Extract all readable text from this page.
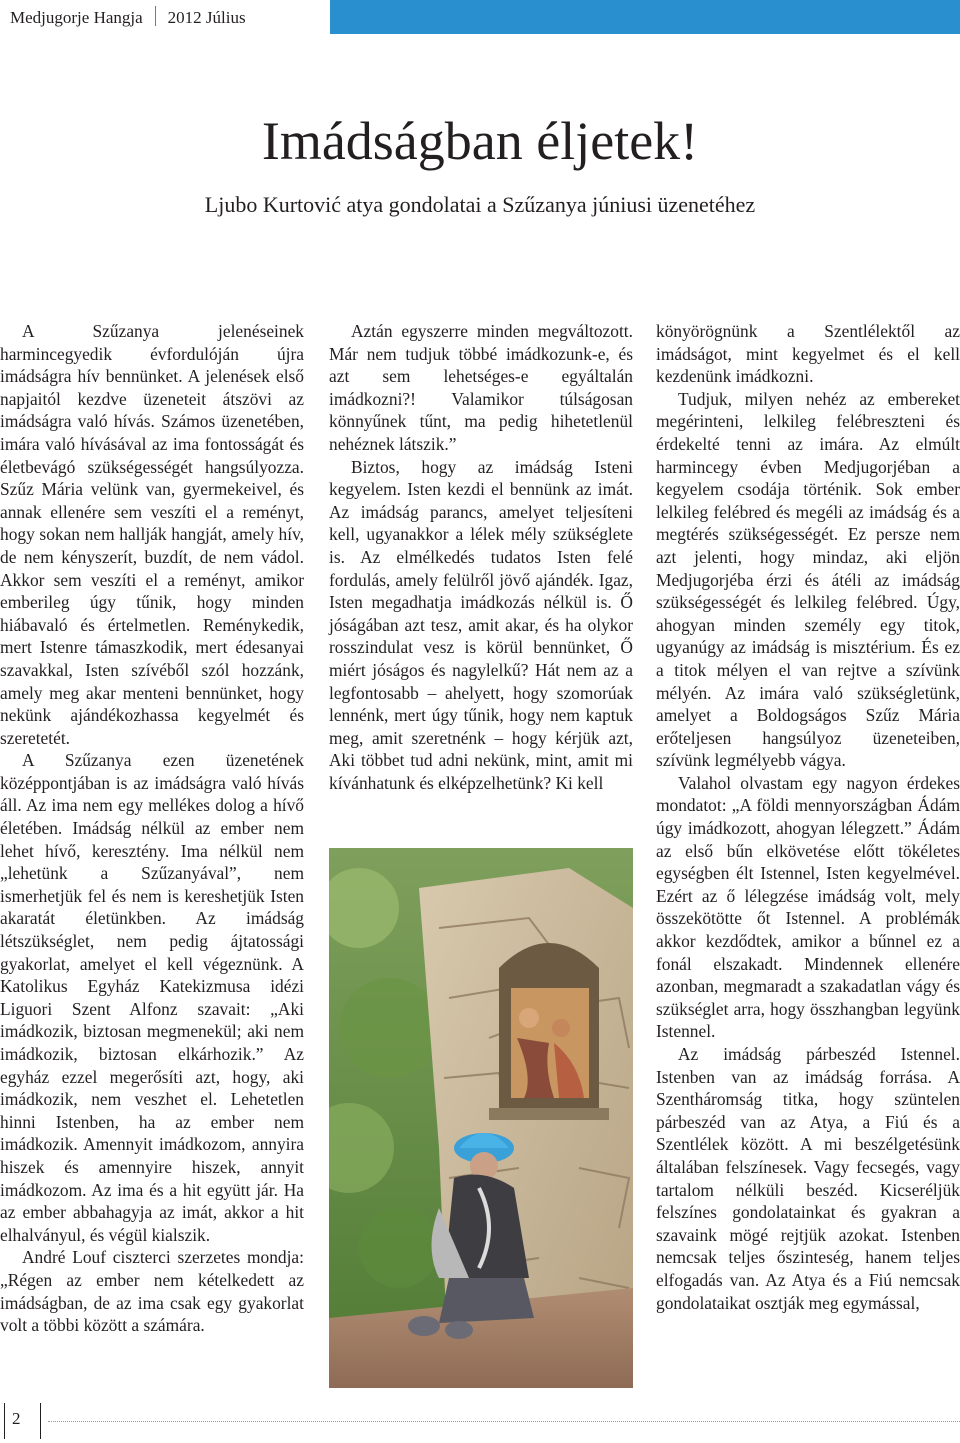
Medjugorje Hangja 2012 Július
Imádságban éljetek!
Ljubo Kurtović atya gondolatai a Szűzanya júniusi üzenetéhez

A Szűzanya jelenéseinek harmincegyedik évfordulóján újra imádságra hív bennünket. A jelenések első napjaitól kezdve üzeneteit átszövi az imádságra való hívás. Számos üzenetében, imára való hívásával az ima fontosságát és életbevágó szükségességét hangsúlyozza. Szűz Mária velünk van, gyermekeivel, és annak ellenére sem veszíti el a reményt, hogy sokan nem hallják hangját, amely hív, de nem kényszerít, buzdít, de nem vádol. Akkor sem veszíti el a reményt, amikor emberileg úgy tűnik, hogy minden hiábavaló és értelmetlen. Reménykedik, mert Istenre támaszkodik, mert édesanyai szavakkal, Isten szívéből szól hozzánk, amely meg akar menteni bennünket, hogy nekünk ajándékozhassa kegyelmét és szeretetét.

A Szűzanya ezen üzenetének középpontjában is az imádságra való hívás áll. Az ima nem egy mellékes dolog a hívő életében. Imádság nélkül az ember nem lehet hívő, keresztény. Ima nélkül nem „lehetünk a Szűzanyával”, nem ismerhetjük fel és nem is kereshetjük Isten akaratát életünkben. Az imádság létszükséglet, nem pedig ájtatossági gyakorlat, amelyet el kell végeznünk. A Katolikus Egyház Katekizmusa idézi Liguori Szent Alfonz szavait: „Aki imádkozik, biztosan megmenekül; aki nem imádkozik, biztosan elkárhozik.” Az egyház ezzel megerősíti azt, hogy, aki imádkozik, nem veszhet el. Lehetetlen hinni Istenben, ha az ember nem imádkozik. Amennyit imádkozom, annyira hiszek és amennyire hiszek, annyit imádkozom. Az ima és a hit együtt jár. Ha az ember abbahagyja az imát, akkor a hit elhalványul, és végül kialszik.

André Louf ciszterci szerzetes mondja: „Régen az ember nem kételkedett az imádságban, de az ima csak egy gyakorlat volt a többi között a számára.

Aztán egyszerre minden megváltozott. Már nem tudjuk többé imádkozunk-e, és azt sem lehetséges-e egyáltalán imádkozni?! Valamikor túlságosan könnyűnek tűnt, ma pedig hihetetlenül nehéznek látszik.”

Biztos, hogy az imádság Isteni kegyelem. Isten kezdi el bennünk az imát. Az imádság parancs, amelyet teljesíteni kell, ugyanakkor a lélek mély szükséglete is. Az elmélkedés tudatos Isten felé fordulás, amely felülről jövő ajándék. Igaz, Isten megadhatja imádkozás nélkül is. Ő jóságában azt tesz, amit akar, és ha olykor rosszindulat vesz is körül bennünket, Ő miért jóságos és nagylelkű? Hát nem az a legfontosabb – ahelyett, hogy szomorúak lennénk, mert úgy tűnik, hogy nem kaptuk meg, amit szeretnénk – hogy kérjük azt, Aki többet tud adni nekünk, mint, amit mi kívánhatunk és elképzelhetünk? Ki kell

könyörögnünk a Szentlélektől az imádságot, mint kegyelmet és el kell kezdenünk imádkozni.

Tudjuk, milyen nehéz az embereket megérinteni, lelkileg felébreszteni és érdekelté tenni az imára. Az elmúlt harmincegy évben Medjugorjéban a kegyelem csodája történik. Sok ember lelkileg felébred és megéli az imádság és a megtérés szükségességét. Ez persze nem azt jelenti, hogy mindaz, aki eljön Medjugorjéba érzi és átéli az imádság szükségességét és lelkileg felébred. Úgy, ahogyan minden személy egy titok, ugyanúgy az imádság is misztérium. És ez a titok mélyen el van rejtve a szívünk mélyén. Az imára való szükségletünk, amelyet a Boldogságos Szűz Mária erőteljesen hangsúlyoz üzeneteiben, szívünk legmélyebb vágya.

Valahol olvastam egy nagyon érdekes mondatot: „A földi mennyországban Ádám úgy imádkozott, ahogyan lélegzett.” Ádám az első bűn elkövetése előtt tökéletes egységben élt Istennel, Isten kegyelmével. Ezért az ő lélegzése imádság volt, mely összekötötte őt Istennel. A problémák akkor kezdődtek, amikor a bűnnel ez a fonál elszakadt. Mindennek ellenére azonban, megmaradt a szakadatlan vágy és szükséglet arra, hogy összhangban legyünk Istennel.

Az imádság párbeszéd Istennel. Istenben van az imádság forrása. A Szentháromság titka, hogy szüntelen párbeszéd van az Atya, a Fiú és a Szentlélek között. A mi beszélgetésünk általában felszínesek. Vagy fecsegés, vagy tartalom nélküli beszéd. Kicseréljük felszínes gondolatainkat és gyakran a szavaink mögé rejtjük azokat. Istenben nemcsak teljes őszinteség, hanem teljes elfogadás van. Az Atya és a Fiú nemcsak gondolataikat osztják meg egymással,

2
